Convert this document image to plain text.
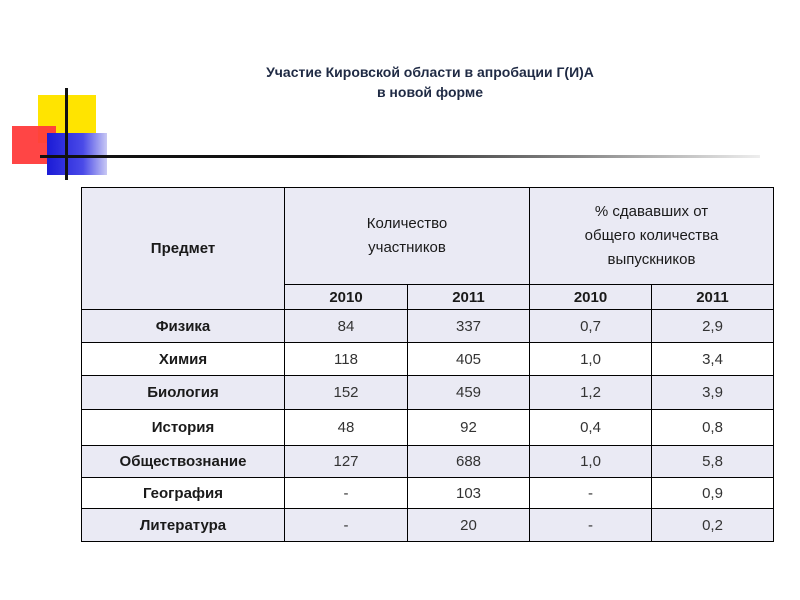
Участие Кировской области в апробации Г(И)А
в новой форме
Предмет	Количество участников		% сдававших от общего количества выпускников	

	2010	2011	2010	2011
Физика	84	337	0,7	2,9
Химия	118	405	1,0	3,4
Биология	152	459	1,2	3,9
История	48	92	0,4	0,8
Обществознание	127	688	1,0	5,8
География	-	103	-	0,9
Литература	-	20	-	0,2
